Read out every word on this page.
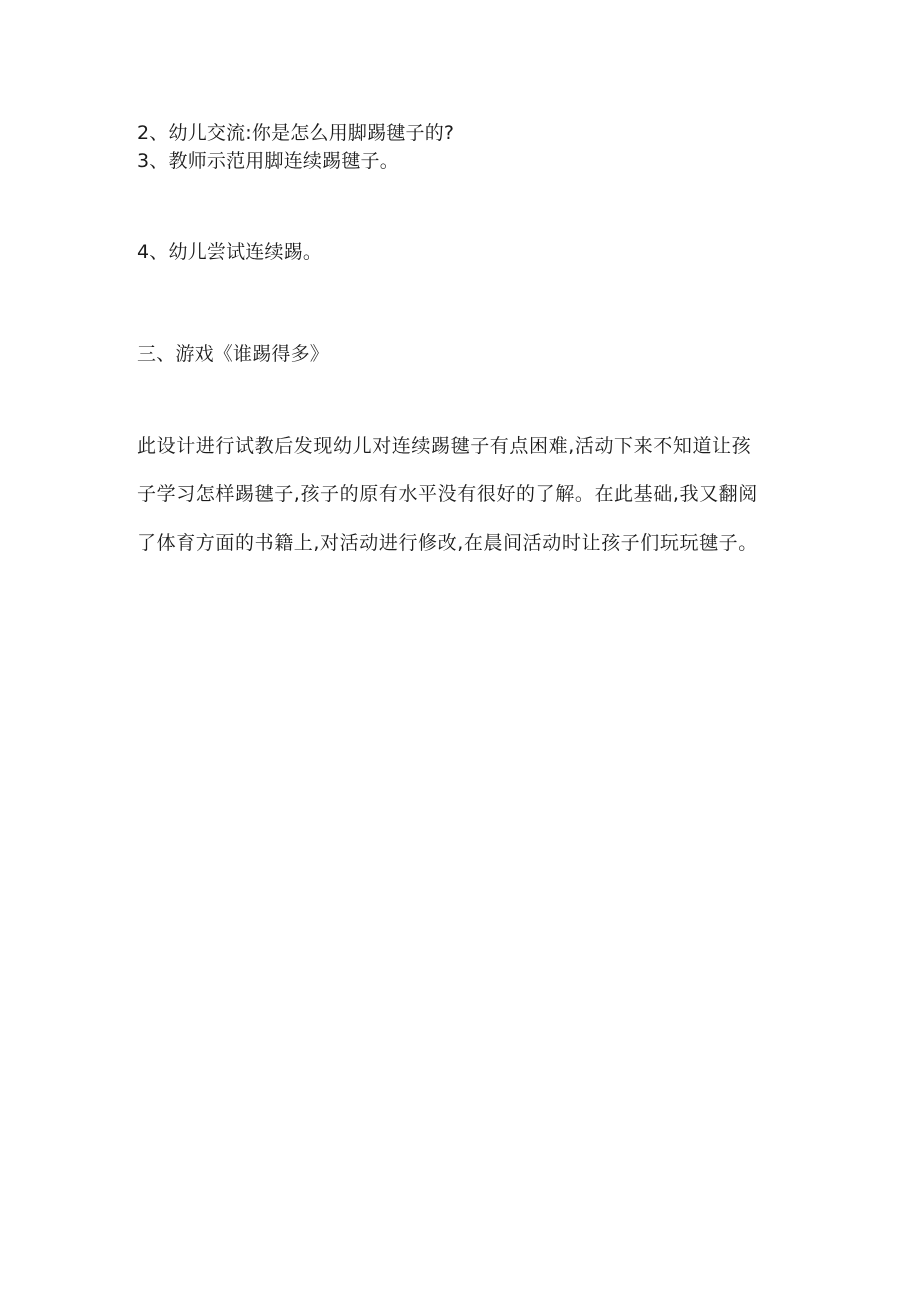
2、幼儿交流:你是怎么用脚踢毽子的?
3、教师示范用脚连续踢毽子。
4、幼儿尝试连续踢。
三、游戏《谁踢得多》
此设计进行试教后发现幼儿对连续踢毽子有点困难,活动下来不知道让孩
子学习怎样踢毽子,孩子的原有水平没有很好的了解。在此基础,我又翻阅
了体育方面的书籍上,对活动进行修改,在晨间活动时让孩子们玩玩毽子。
